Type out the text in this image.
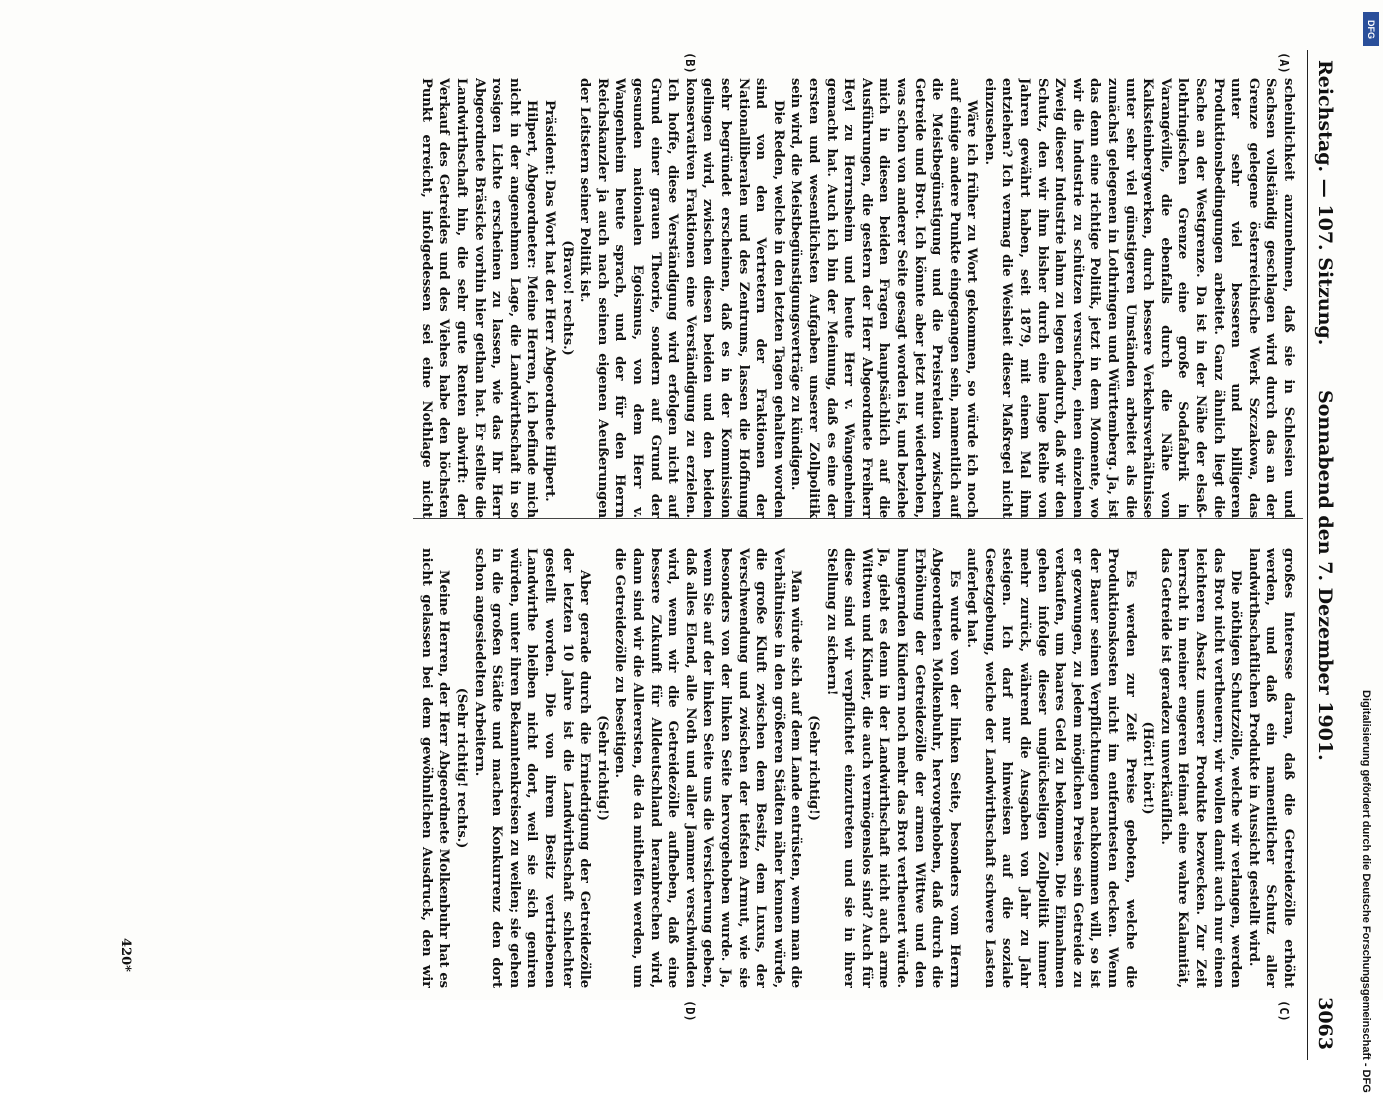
Reichstag. — 107. Sitzung.
Sonnabend den 7. Dezember 1901.
3063
(A)
(B)
(C)
(D)

scheinlichkeit anzunehmen, daß sie in Schlesien und Sachsen vollständig geschlagen wird durch das an der Grenze gelegene österreichische Werk Szczakowa, das unter sehr viel besseren und billigeren Produktionsbedingungen arbeitet. Ganz ähnlich liegt die Sache an der Westgrenze. Da ist in der Nähe der elsaß-lothringischen Grenze eine große Sodafabrik in Varangéville, die ebenfalls durch die Nähe von Kalksteinbergwerken, durch bessere Verkehrsverhältnisse unter sehr viel günstigeren Umständen arbeitet als die zunächst gelegenen in Lothringen und Württemberg. Ja, ist das denn eine richtige Politik, jetzt in dem Momente, wo wir die Industrie zu schützen versuchen, einen einzelnen Zweig dieser Industrie lahm zu legen dadurch, daß wir den Schutz, den wir ihm bisher durch eine lange Reihe von Jahren gewährt haben, seit 1879, mit einem Mal ihm entziehen? Ich vermag die Weisheit dieser Maßregel nicht einzusehen.

Wäre ich früher zu Wort gekommen, so würde ich noch auf einige andere Punkte eingegangen sein, namentlich auf die Meistbegünstigung und die Preisrelation zwischen Getreide und Brot. Ich könnte aber jetzt nur wiederholen, was schon von anderer Seite gesagt worden ist, und beziehe mich in diesen beiden Fragen hauptsächlich auf die Ausführungen, die gestern der Herr Abgeordnete Freiherr Heyl zu Herrnsheim und heute Herr v. Wangenheim gemacht hat. Auch ich bin der Meinung, daß es eine der ersten und wesentlichsten Aufgaben unserer Zollpolitik sein wird, die Meistbegünstigungsverträge zu kündigen.

Die Reden, welche in den letzten Tagen gehalten worden sind von den Vertretern der Fraktionen der Nationalliberalen und des Zentrums, lassen die Hoffnung sehr begründet erscheinen, daß es in der Kommission gelingen wird, zwischen diesen beiden und den beiden konservativen Fraktionen eine Verständigung zu erzielen. Ich hoffe, diese Verständigung wird erfolgen nicht auf Grund einer grauen Theorie, sondern auf Grund der gesunden nationalen Egoismus, von dem Herr v. Wangenheim heute sprach, und der für den Herrn Reichskanzler ja auch nach seinen eigenen Aeußerungen der Leitstern seiner Politik ist.

(Bravo! rechts.)

Präsident: Das Wort hat der Herr Abgeordnete Hilpert.

Hilpert, Abgeordneter: Meine Herren, ich befinde mich nicht in der angenehmen Lage, die Landwirthschaft in so rosigen Lichte erscheinen zu lassen, wie das Ihr Herr Abgeordnete Bräsicke vorhin hier gethan hat. Er stellte die Landwirthschaft hin, die sehr gute Renten abwirft: der Verkauf des Getreides und des Viehes habe den höchsten Punkt erreicht, infolgedessen sei eine Nothlage nicht

großes Interesse daran, daß die Getreidezölle erhöht werden, und daß ein namentlicher Schutz aller landwirthschaftlichen Produkte in Aussicht gestellt wird.

Die nöthigen Schutzzölle, welche wir verlangen, werden das Brot nicht vertheuern; wir wollen damit auch nur einen leichteren Absatz unserer Produkte bezwecken. Zur Zeit herrscht in meiner engeren Heimat eine wahre Kalamität, das Getreide ist geradezu unverkäuflich.

(Hört! hört!)

Es werden zur Zeit Preise geboten, welche die Produktionskosten nicht im entferntesten decken. Wenn der Bauer seinen Verpflichtungen nachkommen will, so ist er gezwungen, zu jedem möglichen Preise sein Getreide zu verkaufen, um baares Geld zu bekommen. Die Einnahmen gehen infolge dieser unglückseligen Zollpolitik immer mehr zurück, während die Ausgaben von Jahr zu Jahr steigen. Ich darf nur hinweisen auf die soziale Gesetzgebung, welche der Landwirthschaft schwere Lasten auferlegt hat.

Es wurde von der linken Seite, besonders vom Herrn Abgeordneten Molkenbuhr, hervorgehoben, daß durch die Erhöhung der Getreidezölle der armen Wittwe und den hungernden Kindern noch mehr das Brot vertheuert würde. Ja, giebt es denn in der Landwirthschaft nicht auch arme Wittwen und Kinder, die auch vermögenslos sind? Auch für diese sind wir verpflichtet einzutreten und sie in ihrer Stellung zu sichern!

(Sehr richtig!)

Man würde sich auf dem Lande entrüsten, wenn man die Verhältnisse in den größeren Städten näher kennen würde, die große Kluft zwischen dem Besitz, dem Luxus, der Verschwendung und zwischen der tiefsten Armut, wie sie besonders von der linken Seite hervorgehoben wurde. Ja, wenn Sie auf der linken Seite uns die Versicherung geben, daß alles Elend, alle Noth und aller Jammer verschwinden wird, wenn wir die Getreidezölle aufheben, daß eine bessere Zukunft für Alldeutschland heranbrechen wird, dann sind wir die Allerersten, die da mithelfen werden, um die Getreidezölle zu beseitigen.

(Sehr richtig!)

Aber gerade durch die Erniedrigung der Getreidezölle der letzten 10 Jahre ist die Landwirthschaft schlechter gestellt worden. Die von ihrem Besitz vertriebenen Landwirthe bleiben nicht dort, weil sie sich geniren würden, unter ihren Bekanntenkreisen zu weilen; sie gehen in die großen Städte und machen Konkurrenz den dort schon angesiedelten Arbeitern.

(Sehr richtig! rechts.)

Meine Herren, der Herr Abgeordnete Molkenbuhr hat es nicht gelassen bei dem gewöhnlichen Ausdruck, den wir

420*
DFG
Digitalisierung gefördert durch die Deutsche Forschungsgemeinschaft - DFG
